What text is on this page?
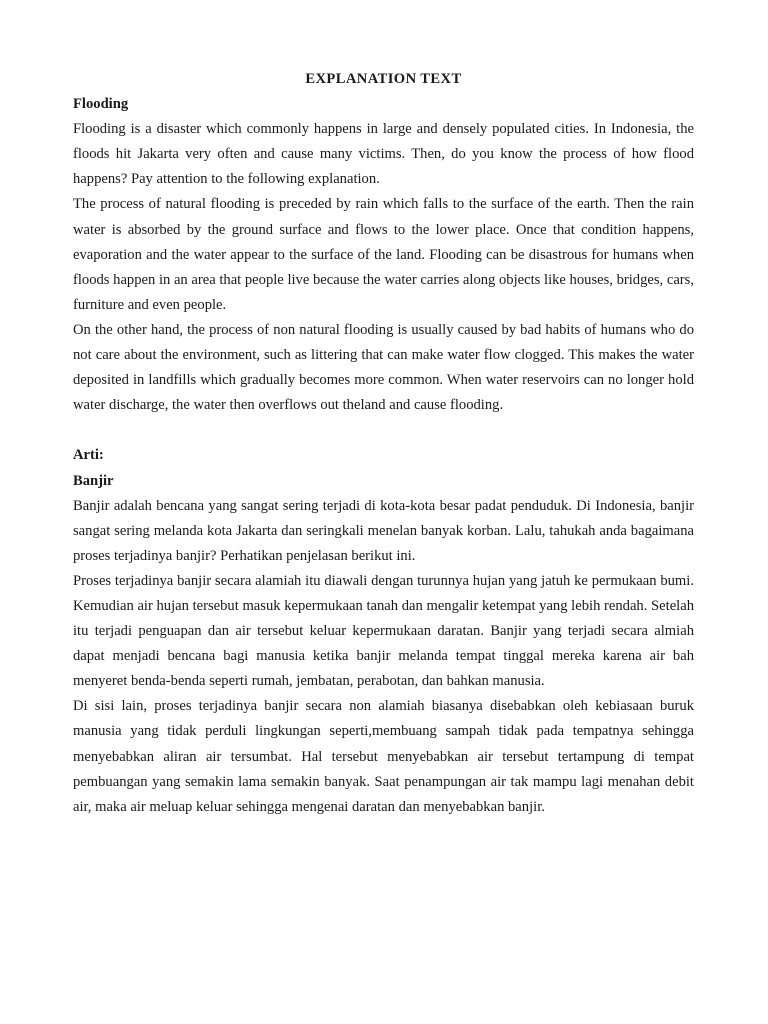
EXPLANATION TEXT

Flooding

Flooding is a disaster which commonly happens in large and densely populated cities. In Indonesia, the floods hit Jakarta very often and cause many victims. Then, do you know the process of how flood happens? Pay attention to the following explanation.

The process of natural flooding is preceded by rain which falls to the surface of the earth. Then the rain water is absorbed by the ground surface and flows to the lower place. Once that condition happens, evaporation and the water appear to the surface of the land. Flooding can be disastrous for humans when floods happen in an area that people live because the water carries along objects like houses, bridges, cars, furniture and even people.

On the other hand, the process of non natural flooding is usually caused by bad habits of humans who do not care about the environment, such as littering that can make water flow clogged. This makes the water deposited in landfills which gradually becomes more common. When water reservoirs can no longer hold water discharge, the water then overflows out theland and cause flooding.

Arti:

Banjir

Banjir adalah bencana yang sangat sering terjadi di kota-kota besar padat penduduk. Di Indonesia, banjir sangat sering melanda kota Jakarta dan seringkali menelan banyak korban. Lalu, tahukah anda bagaimana proses terjadinya banjir? Perhatikan penjelasan berikut ini.

Proses terjadinya banjir secara alamiah itu diawali dengan turunnya hujan yang jatuh ke permukaan bumi. Kemudian air hujan tersebut masuk kepermukaan tanah dan mengalir ketempat yang lebih rendah. Setelah itu terjadi penguapan dan air tersebut keluar kepermukaan daratan. Banjir yang terjadi secara almiah dapat menjadi bencana bagi manusia ketika banjir melanda tempat tinggal mereka karena air bah menyeret benda-benda seperti rumah, jembatan, perabotan, dan bahkan manusia.

Di sisi lain, proses terjadinya banjir secara non alamiah biasanya disebabkan oleh kebiasaan buruk manusia yang tidak perduli lingkungan seperti,membuang sampah tidak pada tempatnya sehingga menyebabkan aliran air tersumbat. Hal tersebut menyebabkan air tersebut tertampung di tempat pembuangan yang semakin lama semakin banyak. Saat penampungan air tak mampu lagi menahan debit air, maka air meluap keluar sehingga mengenai daratan dan menyebabkan banjir.
